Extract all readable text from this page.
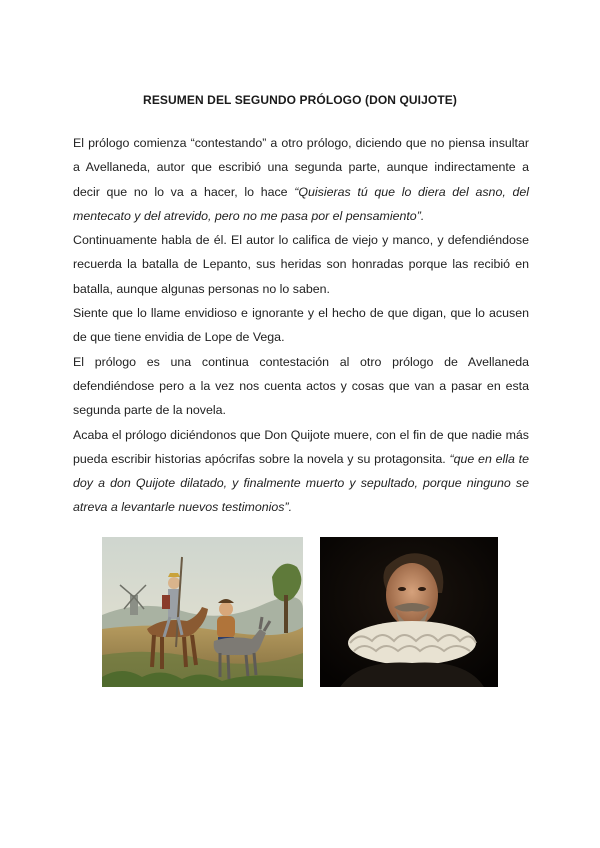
RESUMEN DEL SEGUNDO PRÓLOGO (DON QUIJOTE)

El prólogo comienza “contestando” a otro prólogo, diciendo que no piensa insultar a Avellaneda, autor que escribió una segunda parte, aunque indirectamente a decir que no lo va a hacer, lo hace “Quisieras tú que lo diera del asno, del mentecato y del atrevido, pero no me pasa por el pensamiento”.

Continuamente habla de él. El autor lo califica de viejo y manco, y defendiéndose recuerda la batalla de Lepanto, sus heridas son honradas porque las recibió en batalla, aunque algunas personas no lo saben.

Siente que lo llame envidioso e ignorante y el hecho de que digan, que lo acusen de que tiene envidia de Lope de Vega.

El prólogo es una continua contestación al otro prólogo de Avellaneda defendiéndose pero a la vez nos cuenta actos y cosas que van a pasar en esta segunda parte de la novela.

Acaba el prólogo diciéndonos que Don Quijote muere, con el fin de que nadie más pueda escribir historias apócrifas sobre la novela y su protagonsita. “que en ella te doy a don Quijote dilatado, y finalmente muerto y sepultado, porque ninguno se atreva a levantarle nuevos testimonios”.
